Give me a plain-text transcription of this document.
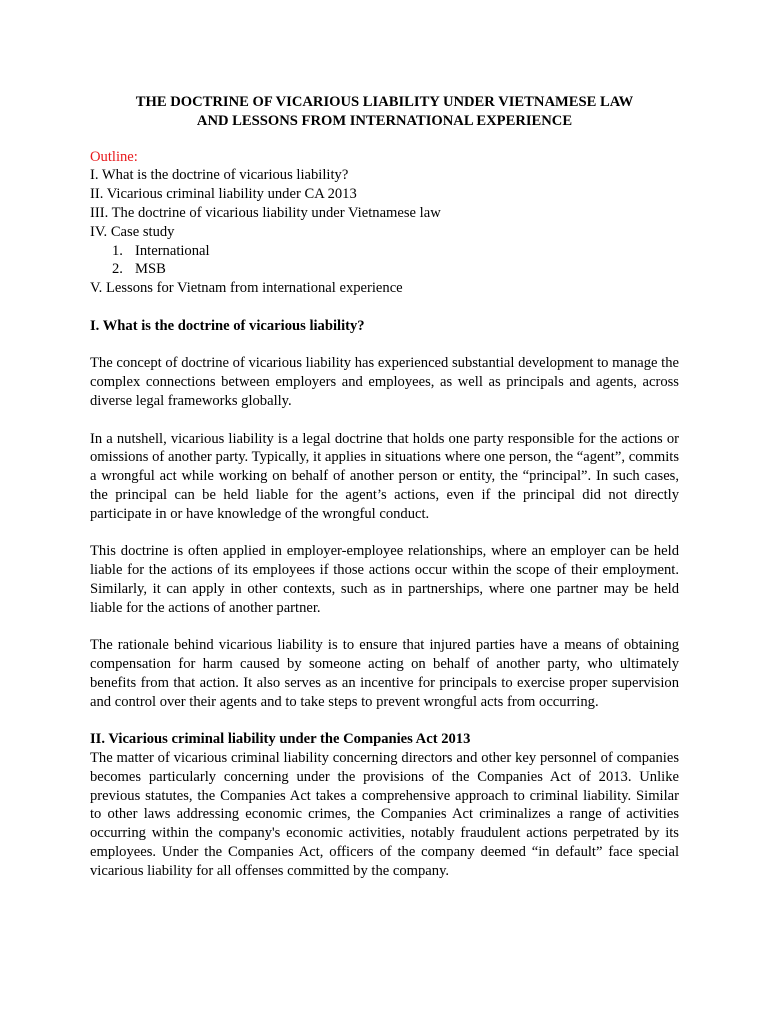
THE DOCTRINE OF VICARIOUS LIABILITY UNDER VIETNAMESE LAW
AND LESSONS FROM INTERNATIONAL EXPERIENCE

Outline:

I. What is the doctrine of vicarious liability?

II. Vicarious criminal liability under CA 2013

III. The doctrine of vicarious liability under Vietnamese law

IV. Case study

1. International

2. MSB

V. Lessons for Vietnam from international experience

I. What is the doctrine of vicarious liability?

The concept of doctrine of vicarious liability has experienced substantial development to manage the complex connections between employers and employees, as well as principals and agents, across diverse legal frameworks globally.

In a nutshell, vicarious liability is a legal doctrine that holds one party responsible for the actions or omissions of another party. Typically, it applies in situations where one person, the “agent”, commits a wrongful act while working on behalf of another person or entity, the “principal”. In such cases, the principal can be held liable for the agent’s actions, even if the principal did not directly participate in or have knowledge of the wrongful conduct.

This doctrine is often applied in employer-employee relationships, where an employer can be held liable for the actions of its employees if those actions occur within the scope of their employment. Similarly, it can apply in other contexts, such as in partnerships, where one partner may be held liable for the actions of another partner.

The rationale behind vicarious liability is to ensure that injured parties have a means of obtaining compensation for harm caused by someone acting on behalf of another party, who ultimately benefits from that action. It also serves as an incentive for principals to exercise proper supervision and control over their agents and to take steps to prevent wrongful acts from occurring.

II. Vicarious criminal liability under the Companies Act 2013

The matter of vicarious criminal liability concerning directors and other key personnel of companies becomes particularly concerning under the provisions of the Companies Act of 2013. Unlike previous statutes, the Companies Act takes a comprehensive approach to criminal liability. Similar to other laws addressing economic crimes, the Companies Act criminalizes a range of activities occurring within the company's economic activities, notably fraudulent actions perpetrated by its employees. Under the Companies Act, officers of the company deemed “in default” face special vicarious liability for all offenses committed by the company.
